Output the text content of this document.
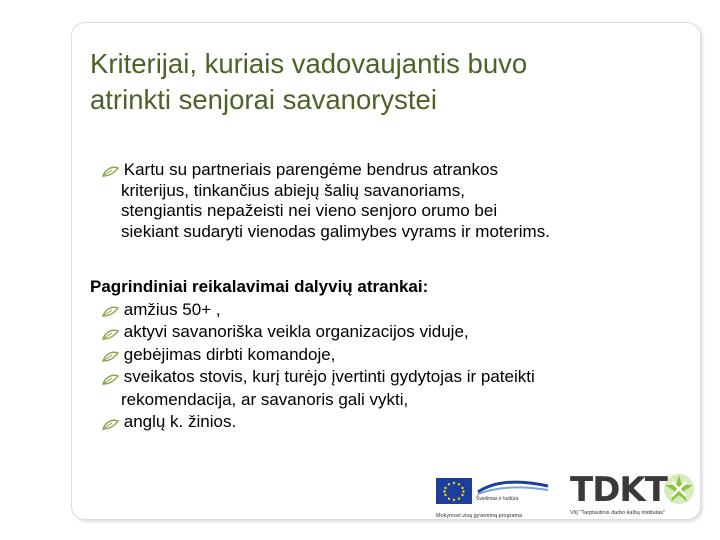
Kriterijai, kuriais vadovaujantis buvo
atrinkti senjorai savanorystei
Kartu su partneriais parengėme bendrus atrankos
kriterijus, tinkančius abiejų šalių savanoriams,
stengiantis nepažeisti nei vieno senjoro orumo bei
siekiant sudaryti vienodas galimybes vyrams ir moterims.
Pagrindiniai reikalavimai dalyvių atrankai:
amžius 50+ ,
aktyvi savanoriška veikla organizacijos viduje,
gebėjimas dirbti komandoje,
sveikatos stovis, kurį turėjo įvertinti gydytojas ir pateikti
rekomendacija, ar savanoris gali vykti,
anglų k. žinios.
Švietimas ir kultūra
Mokymosi visą gyvenimą programa
TDKT
VšĮ "Tarptautinis darbo kalbų institutas"
